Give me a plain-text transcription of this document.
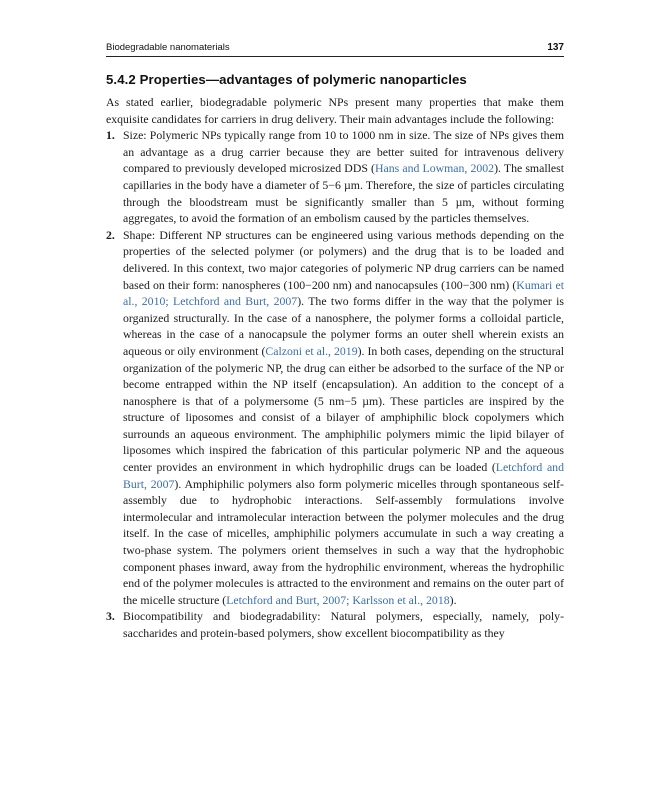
Biodegradable nanomaterials	137
5.4.2 Properties—advantages of polymeric nanoparticles

As stated earlier, biodegradable polymeric NPs present many properties that make them exquisite candidates for carriers in drug delivery. Their main advantages include the following:

1. Size: Polymeric NPs typically range from 10 to 1000 nm in size. The size of NPs gives them an advantage as a drug carrier because they are better suited for intravenous delivery compared to previously developed microsized DDS (Hans and Lowman, 2002). The smallest capillaries in the body have a diameter of 5−6 µm. Therefore, the size of particles circulating through the bloodstream must be significantly smaller than 5 µm, without forming aggregates, to avoid the formation of an embolism caused by the particles themselves.
2. Shape: Different NP structures can be engineered using various methods depending on the properties of the selected polymer (or polymers) and the drug that is to be loaded and delivered. In this context, two major categories of polymeric NP drug carriers can be named based on their form: nanospheres (100−200 nm) and nanocapsules (100−300 nm) (Kumari et al., 2010; Letchford and Burt, 2007). The two forms differ in the way that the polymer is organized structurally. In the case of a nanosphere, the polymer forms a colloidal particle, whereas in the case of a nanocapsule the polymer forms an outer shell wherein exists an aqueous or oily environment (Calzoni et al., 2019). In both cases, depending on the structural organization of the polymeric NP, the drug can either be adsorbed to the surface of the NP or become entrapped within the NP itself (encapsulation). An addition to the concept of a nanosphere is that of a polymersome (5 nm−5 µm). These particles are inspired by the structure of liposomes and consist of a bilayer of amphiphilic block copolymers which surrounds an aqueous environment. The amphiphilic polymers mimic the lipid bilayer of liposomes which inspired the fabrication of this particular polymeric NP and the aqueous center provides an environment in which hydrophilic drugs can be loaded (Letchford and Burt, 2007). Amphiphilic polymers also form polymeric micelles through spontaneous self-assembly due to hydrophobic interactions. Self-assembly formulations involve intermolecular and intramolecular interaction between the polymer molecules and the drug itself. In the case of micelles, amphiphilic polymers accumulate in such a way creating a two-phase system. The polymers orient themselves in such a way that the hydrophobic component phases inward, away from the hydrophilic environment, whereas the hydrophilic end of the polymer molecules is attracted to the environment and remains on the outer part of the micelle structure (Letchford and Burt, 2007; Karlsson et al., 2018).
3. Biocompatibility and biodegradability: Natural polymers, especially, namely, polysaccharides and protein-based polymers, show excellent biocompatibility as they
